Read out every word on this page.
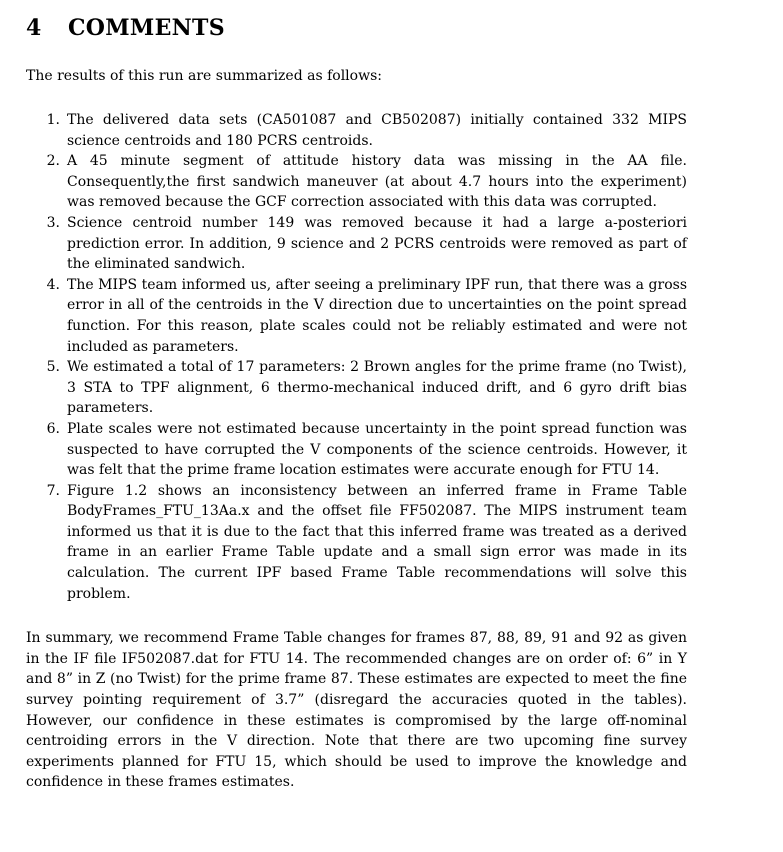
4 COMMENTS

The results of this run are summarized as follows:

1. The delivered data sets (CA501087 and CB502087) initially contained 332 MIPS science centroids and 180 PCRS centroids.
2. A 45 minute segment of attitude history data was missing in the AA file. Consequently,the first sandwich maneuver (at about 4.7 hours into the experiment) was removed because the GCF correction associated with this data was corrupted.
3. Science centroid number 149 was removed because it had a large a-posteriori prediction error. In addition, 9 science and 2 PCRS centroids were removed as part of the eliminated sandwich.
4. The MIPS team informed us, after seeing a preliminary IPF run, that there was a gross error in all of the centroids in the V direction due to uncertainties on the point spread function. For this reason, plate scales could not be reliably estimated and were not included as parameters.
5. We estimated a total of 17 parameters: 2 Brown angles for the prime frame (no Twist), 3 STA to TPF alignment, 6 thermo-mechanical induced drift, and 6 gyro drift bias parameters.
6. Plate scales were not estimated because uncertainty in the point spread function was suspected to have corrupted the V components of the science centroids. However, it was felt that the prime frame location estimates were accurate enough for FTU 14.
7. Figure 1.2 shows an inconsistency between an inferred frame in Frame Table BodyFrames_FTU_13Aa.x and the offset file FF502087. The MIPS instrument team informed us that it is due to the fact that this inferred frame was treated as a derived frame in an earlier Frame Table update and a small sign error was made in its calculation. The current IPF based Frame Table recommendations will solve this problem.

In summary, we recommend Frame Table changes for frames 87, 88, 89, 91 and 92 as given in the IF file IF502087.dat for FTU 14. The recommended changes are on order of: 6” in Y and 8” in Z (no Twist) for the prime frame 87. These estimates are expected to meet the fine survey pointing requirement of 3.7” (disregard the accuracies quoted in the tables). However, our confidence in these estimates is compromised by the large off-nominal centroiding errors in the V direction. Note that there are two upcoming fine survey experiments planned for FTU 15, which should be used to improve the knowledge and confidence in these frames estimates.
